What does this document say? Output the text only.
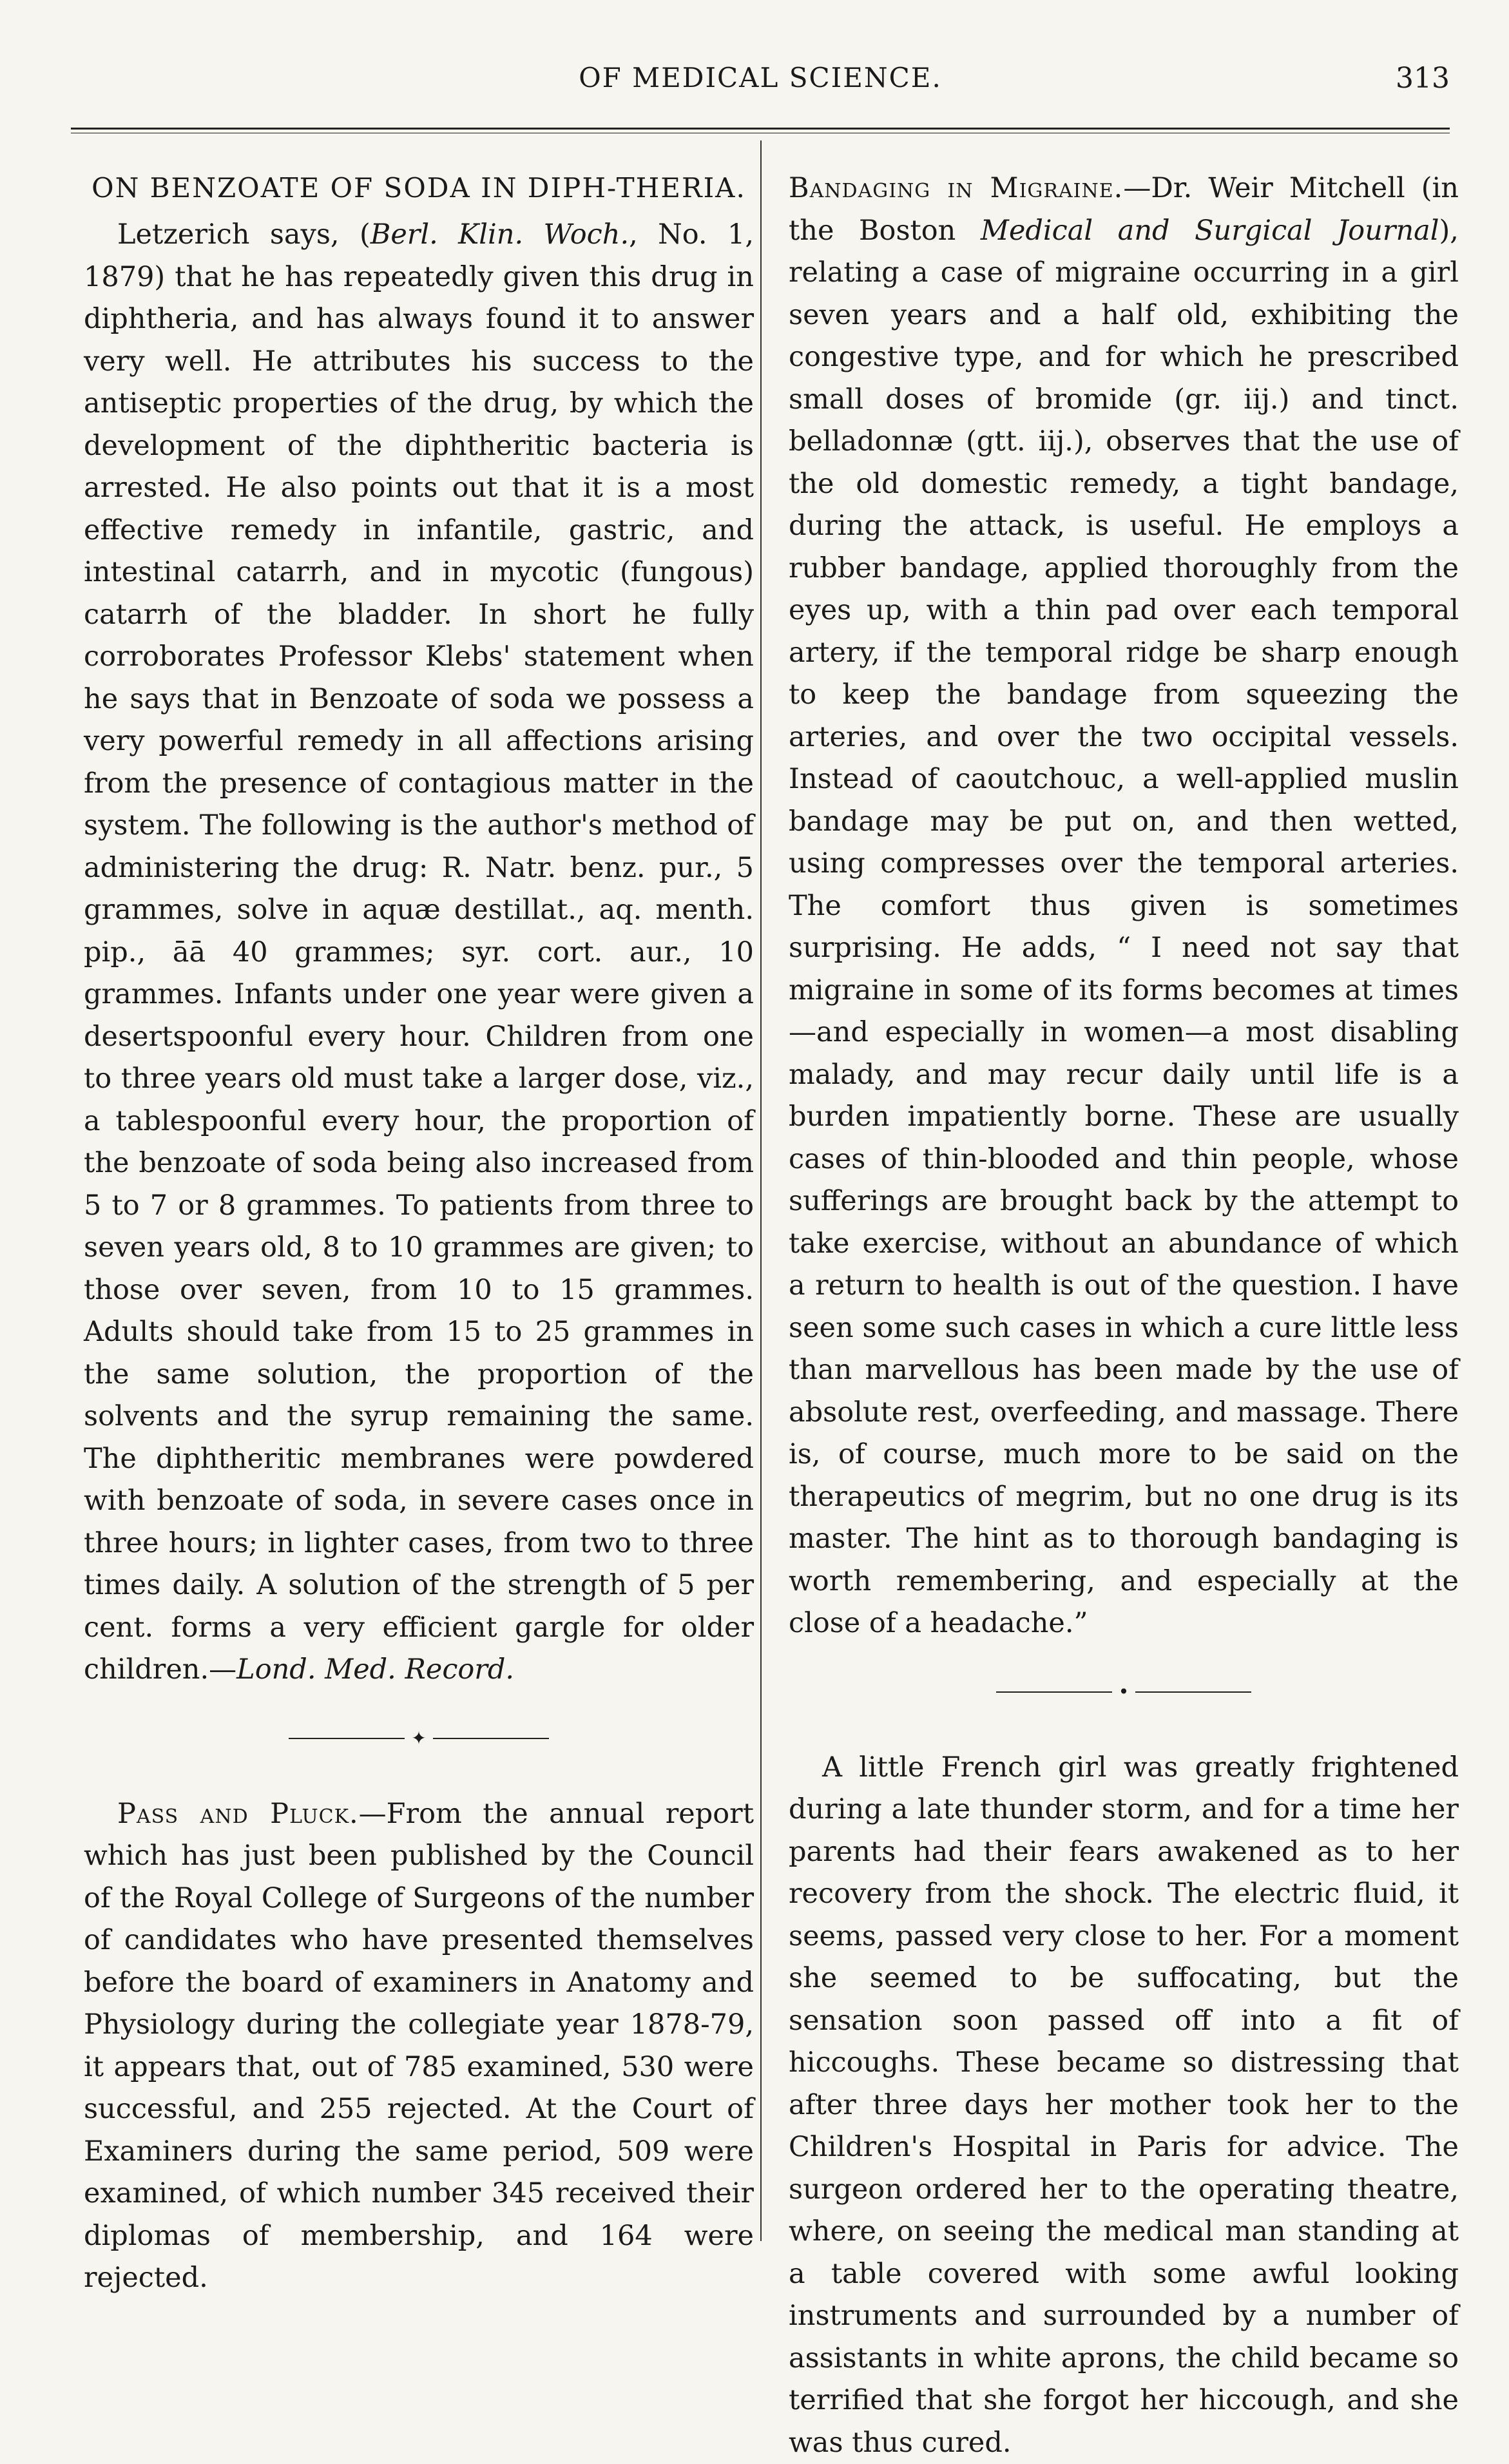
OF MEDICAL SCIENCE.	313

ON BENZOATE OF SODA IN DIPH-THERIA.

Letzerich says, (Berl. Klin. Woch., No. 1, 1879) that he has repeatedly given this drug in diphtheria, and has always found it to answer very well. He attributes his success to the antiseptic properties of the drug, by which the development of the diphtheritic bacteria is arrested. He also points out that it is a most effective remedy in infantile, gastric, and intestinal catarrh, and in mycotic (fungous) catarrh of the bladder. In short he fully corroborates Professor Klebs' statement when he says that in Benzoate of soda we possess a very powerful remedy in all affections arising from the presence of contagious matter in the system. The following is the author's method of administering the drug: R. Natr. benz. pur., 5 grammes, solve in aquæ destillat., aq. menth. pip., āā 40 grammes; syr. cort. aur., 10 grammes. Infants under one year were given a desertspoonful every hour. Children from one to three years old must take a larger dose, viz., a tablespoonful every hour, the proportion of the benzoate of soda being also increased from 5 to 7 or 8 grammes. To patients from three to seven years old, 8 to 10 grammes are given; to those over seven, from 10 to 15 grammes. Adults should take from 15 to 25 grammes in the same solution, the proportion of the solvents and the syrup remaining the same. The diphtheritic membranes were powdered with benzoate of soda, in severe cases once in three hours; in lighter cases, from two to three times daily. A solution of the strength of 5 per cent. forms a very efficient gargle for older children.—Lond. Med. Record.

✦

Pass and Pluck.—From the annual report which has just been published by the Council of the Royal College of Surgeons of the number of candidates who have presented themselves before the board of examiners in Anatomy and Physiology during the collegiate year 1878-79, it appears that, out of 785 examined, 530 were successful, and 255 rejected. At the Court of Examiners during the same period, 509 were examined, of which number 345 received their diplomas of membership, and 164 were rejected.

Bandaging in Migraine.—Dr. Weir Mitchell (in the Boston Medical and Surgical Journal), relating a case of migraine occurring in a girl seven years and a half old, exhibiting the congestive type, and for which he prescribed small doses of bromide (gr. iij.) and tinct. belladonnæ (gtt. iij.), observes that the use of the old domestic remedy, a tight bandage, during the attack, is useful. He employs a rubber bandage, applied thoroughly from the eyes up, with a thin pad over each temporal artery, if the temporal ridge be sharp enough to keep the bandage from squeezing the arteries, and over the two occipital vessels. Instead of caoutchouc, a well-applied muslin bandage may be put on, and then wetted, using compresses over the temporal arteries. The comfort thus given is sometimes surprising. He adds, “ I need not say that migraine in some of its forms becomes at times—and especially in women—a most disabling malady, and may recur daily until life is a burden impatiently borne. These are usually cases of thin-blooded and thin people, whose sufferings are brought back by the attempt to take exercise, without an abundance of which a return to health is out of the question. I have seen some such cases in which a cure little less than marvellous has been made by the use of absolute rest, overfeeding, and massage. There is, of course, much more to be said on the therapeutics of megrim, but no one drug is its master. The hint as to thorough bandaging is worth remembering, and especially at the close of a headache.”

•

A little French girl was greatly frightened during a late thunder storm, and for a time her parents had their fears awakened as to her recovery from the shock. The electric fluid, it seems, passed very close to her. For a moment she seemed to be suffocating, but the sensation soon passed off into a fit of hiccoughs. These became so distressing that after three days her mother took her to the Children's Hospital in Paris for advice. The surgeon ordered her to the operating theatre, where, on seeing the medical man standing at a table covered with some awful looking instruments and surrounded by a number of assistants in white aprons, the child became so terrified that she forgot her hiccough, and she was thus cured.
